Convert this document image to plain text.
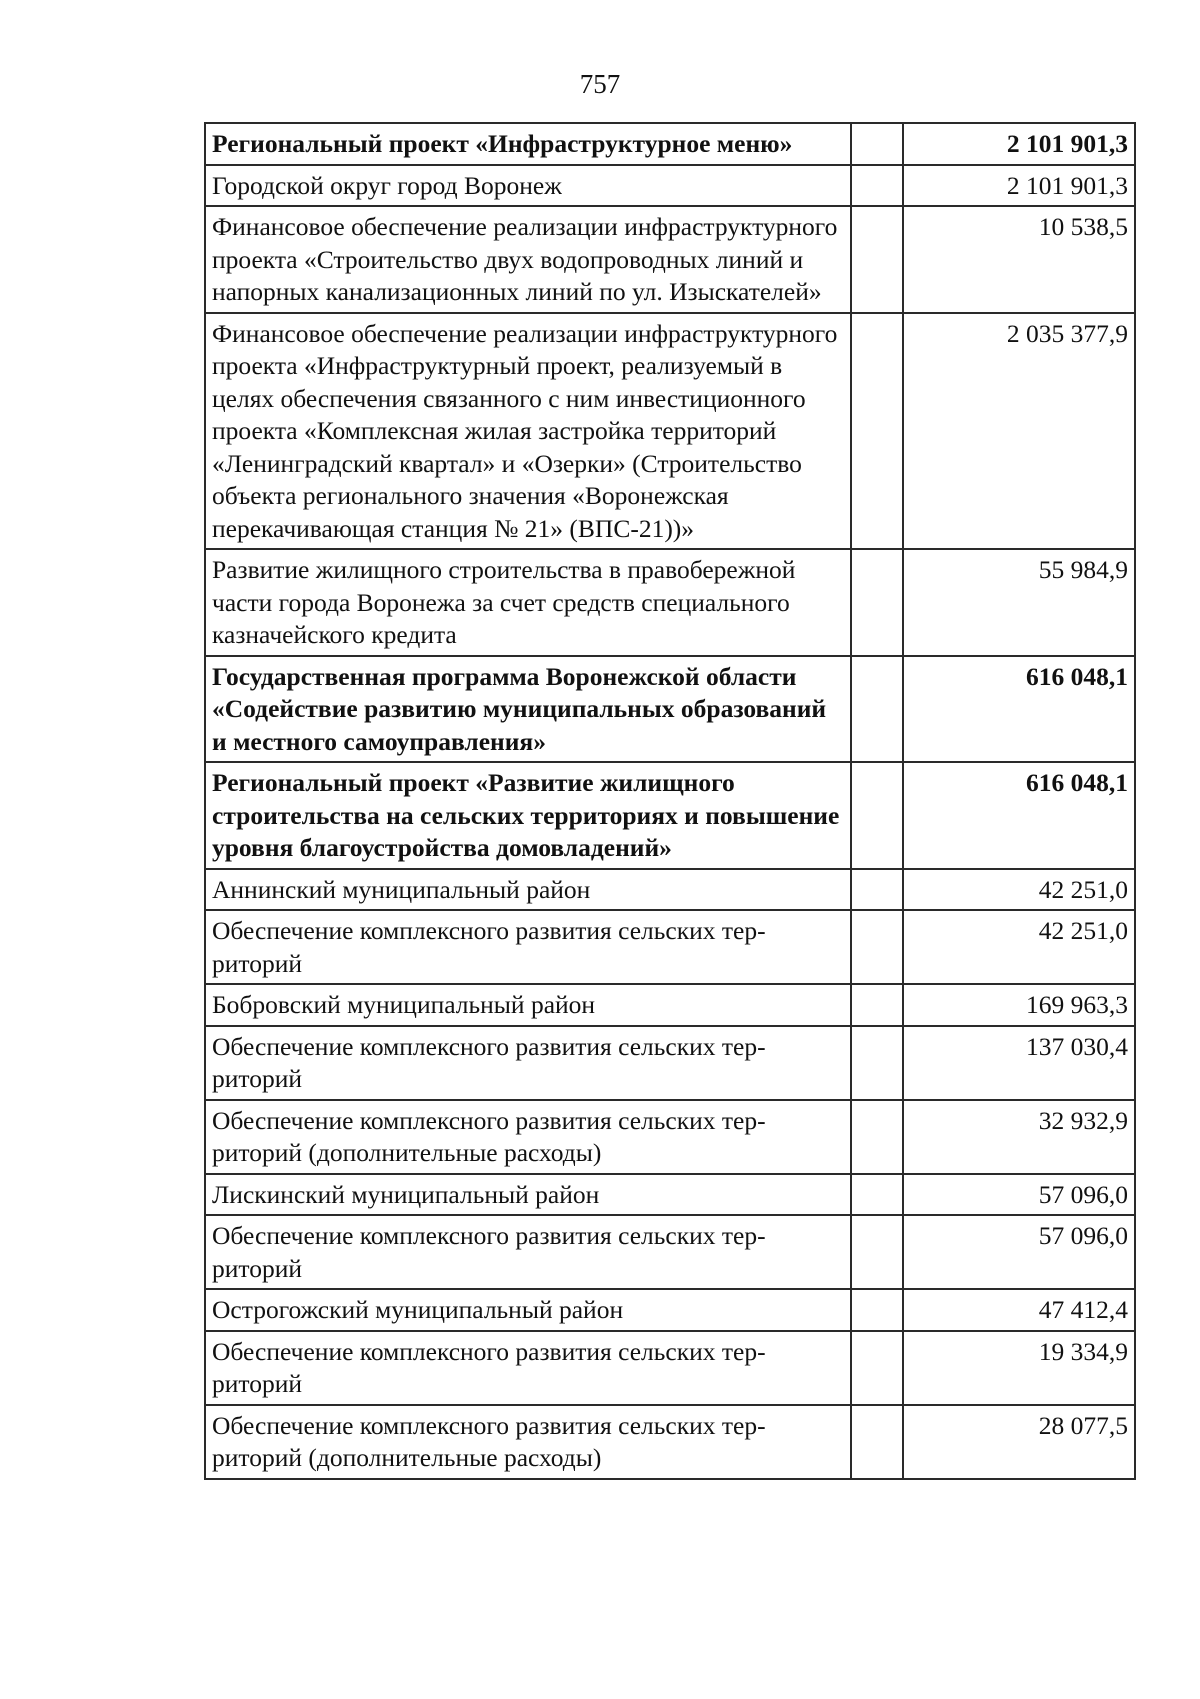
757
Региональный проект «Инфраструктурное меню»		2 101 901,3
Городской округ город Воронеж		2 101 901,3
Финансовое обеспечение реализации инфраструктурного проекта «Строительство двух водопроводных линий и напорных канализационных линий по ул. Изыскателей»		10 538,5
Финансовое обеспечение реализации инфраструктурного проекта «Инфраструктурный проект, реализуемый в целях обеспечения связанного с ним инвестиционного проекта «Комплексная жилая застройка территорий «Ленинградский квартал» и «Озерки» (Строительство объекта регионального значения «Воронежская перекачивающая станция № 21» (ВПС-21))»		2 035 377,9
Развитие жилищного строительства в правобережной части города Воронежа за счет средств специального казначейского кредита		55 984,9
Государственная программа Воронежской области «Содействие развитию муниципальных образований и местного самоуправления»		616 048,1
Региональный проект «Развитие жилищного строительства на сельских территориях и повышение уровня благоустройства домовладений»		616 048,1
Аннинский муниципальный район		42 251,0
Обеспечение комплексного развития сельских территорий		42 251,0
Бобровский муниципальный район		169 963,3
Обеспечение комплексного развития сельских территорий		137 030,4
Обеспечение комплексного развития сельских территорий (дополнительные расходы)		32 932,9
Лискинский муниципальный район		57 096,0
Обеспечение комплексного развития сельских территорий		57 096,0
Острогожский муниципальный район		47 412,4
Обеспечение комплексного развития сельских территорий		19 334,9
Обеспечение комплексного развития сельских территорий (дополнительные расходы)		28 077,5
